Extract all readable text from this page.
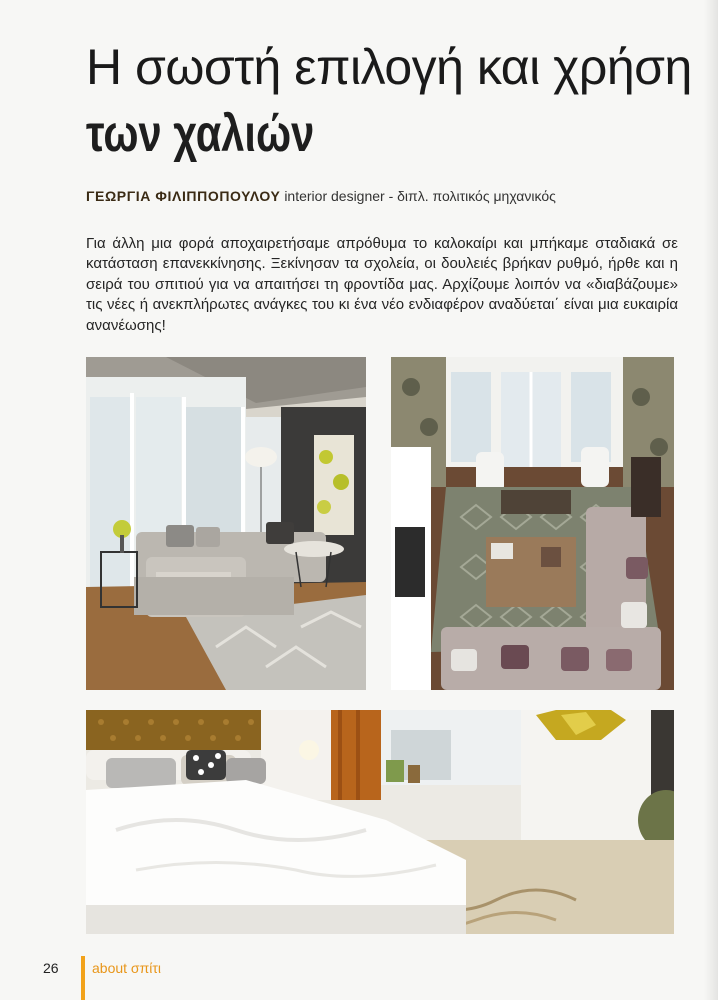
Η σωστή επιλογή και χρήση
των χαλιών
ΓΕΩΡΓΙΑ ΦΙΛΙΠΠΟΠΟΥΛΟΥ interior designer - διπλ. πολιτικός μηχανικός
Για άλλη μια φορά αποχαιρετήσαμε απρόθυμα το καλοκαίρι και μπήκαμε σταδιακά σε κατάσταση επανεκκίνησης. Ξεκίνησαν τα σχολεία, οι δουλειές βρήκαν ρυθμό, ήρθε και η σειρά του σπιτιού για να απαιτήσει τη φροντίδα μας. Αρχίζουμε λοιπόν να «διαβάζουμε» τις νέες ή ανεκπλήρωτες ανάγκες του κι ένα νέο ενδιαφέρον αναδύεται΄ είναι μια ευκαιρία ανανέωσης!
26 about σπίτι
